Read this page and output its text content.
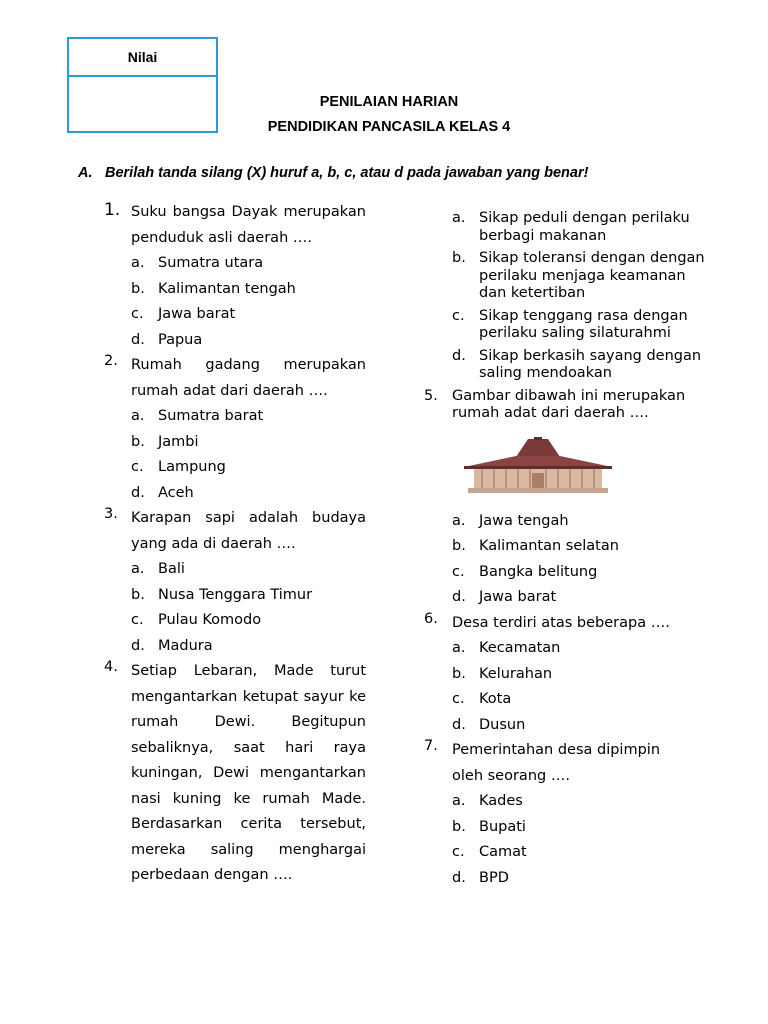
Nilai
PENILAIAN HARIAN
PENDIDIKAN PANCASILA KELAS 4
A. Berilah tanda silang (X) huruf a, b, c, atau d pada jawaban yang benar!
1. Suku bangsa Dayak merupakan penduduk asli daerah ….
a. Sumatra utara
b. Kalimantan tengah
c. Jawa barat
d. Papua
2. Rumah gadang merupakan rumah adat dari daerah ….
a. Sumatra barat
b. Jambi
c. Lampung
d. Aceh
3. Karapan sapi adalah budaya yang ada di daerah ….
a. Bali
b. Nusa Tenggara Timur
c. Pulau Komodo
d. Madura
4. Setiap Lebaran, Made turut mengantarkan ketupat sayur ke rumah Dewi. Begitupun sebaliknya, saat hari raya kuningan, Dewi mengantarkan nasi kuning ke rumah Made. Berdasarkan cerita tersebut, mereka saling menghargai perbedaan dengan ….
a. Sikap peduli dengan perilaku berbagi makanan
b. Sikap toleransi dengan dengan perilaku menjaga keamanan dan ketertiban
c. Sikap tenggang rasa dengan perilaku saling silaturahmi
d. Sikap berkasih sayang dengan saling mendoakan
5. Gambar dibawah ini merupakan rumah adat dari daerah ….
a. Jawa tengah
b. Kalimantan selatan
c. Bangka belitung
d. Jawa barat
6. Desa terdiri atas beberapa ….
a. Kecamatan
b. Kelurahan
c. Kota
d. Dusun
7. Pemerintahan desa dipimpin oleh seorang ….
a. Kades
b. Bupati
c. Camat
d. BPD
